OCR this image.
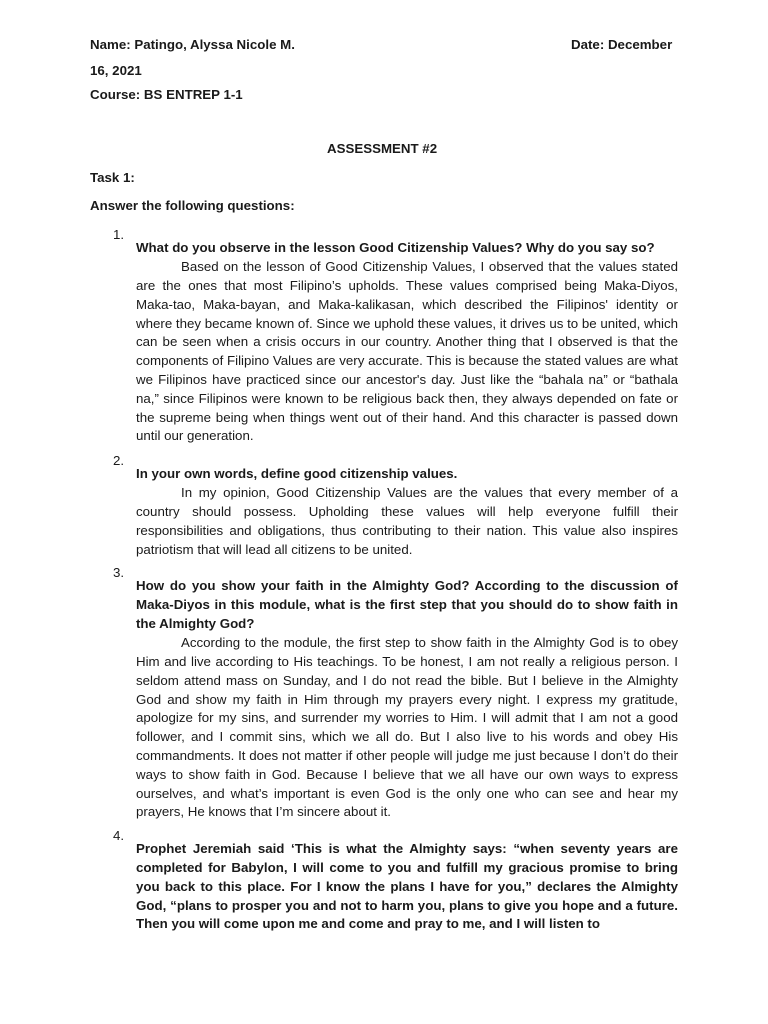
Name: Patingo, Alyssa Nicole M.	Date: December

16, 2021

Course: BS ENTREP 1-1

ASSESSMENT #2

Task 1:

Answer the following questions:

1.

What do you observe in the lesson Good Citizenship Values? Why do you say so?

Based on the lesson of Good Citizenship Values, I observed that the values stated are the ones that most Filipino’s upholds. These values comprised being Maka-Diyos, Maka-tao, Maka-bayan, and Maka-kalikasan, which described the Filipinos' identity or where they became known of. Since we uphold these values, it drives us to be united, which can be seen when a crisis occurs in our country. Another thing that I observed is that the components of Filipino Values are very accurate. This is because the stated values are what we Filipinos have practiced since our ancestor's day. Just like the “bahala na” or “bathala na,” since Filipinos were known to be religious back then, they always depended on fate or the supreme being when things went out of their hand. And this character is passed down until our generation.

2.

In your own words, define good citizenship values.

In my opinion, Good Citizenship Values are the values that every member of a country should possess. Upholding these values will help everyone fulfill their responsibilities and obligations, thus contributing to their nation. This value also inspires patriotism that will lead all citizens to be united.

3.

How do you show your faith in the Almighty God? According to the discussion of Maka-Diyos in this module, what is the first step that you should do to show faith in the Almighty God?

According to the module, the first step to show faith in the Almighty God is to obey Him and live according to His teachings. To be honest, I am not really a religious person. I seldom attend mass on Sunday, and I do not read the bible. But I believe in the Almighty God and show my faith in Him through my prayers every night. I express my gratitude, apologize for my sins, and surrender my worries to Him. I will admit that I am not a good follower, and I commit sins, which we all do. But I also live to his words and obey His commandments. It does not matter if other people will judge me just because I don’t do their ways to show faith in God. Because I believe that we all have our own ways to express ourselves, and what’s important is even God is the only one who can see and hear my prayers, He knows that I’m sincere about it.

4.

Prophet Jeremiah said ‘This is what the Almighty says: “when seventy years are completed for Babylon, I will come to you and fulfill my gracious promise to bring you back to this place. For I know the plans I have for you,” declares the Almighty God, “plans to prosper you and not to harm you, plans to give you hope and a future. Then you will come upon me and come and pray to me, and I will listen to
